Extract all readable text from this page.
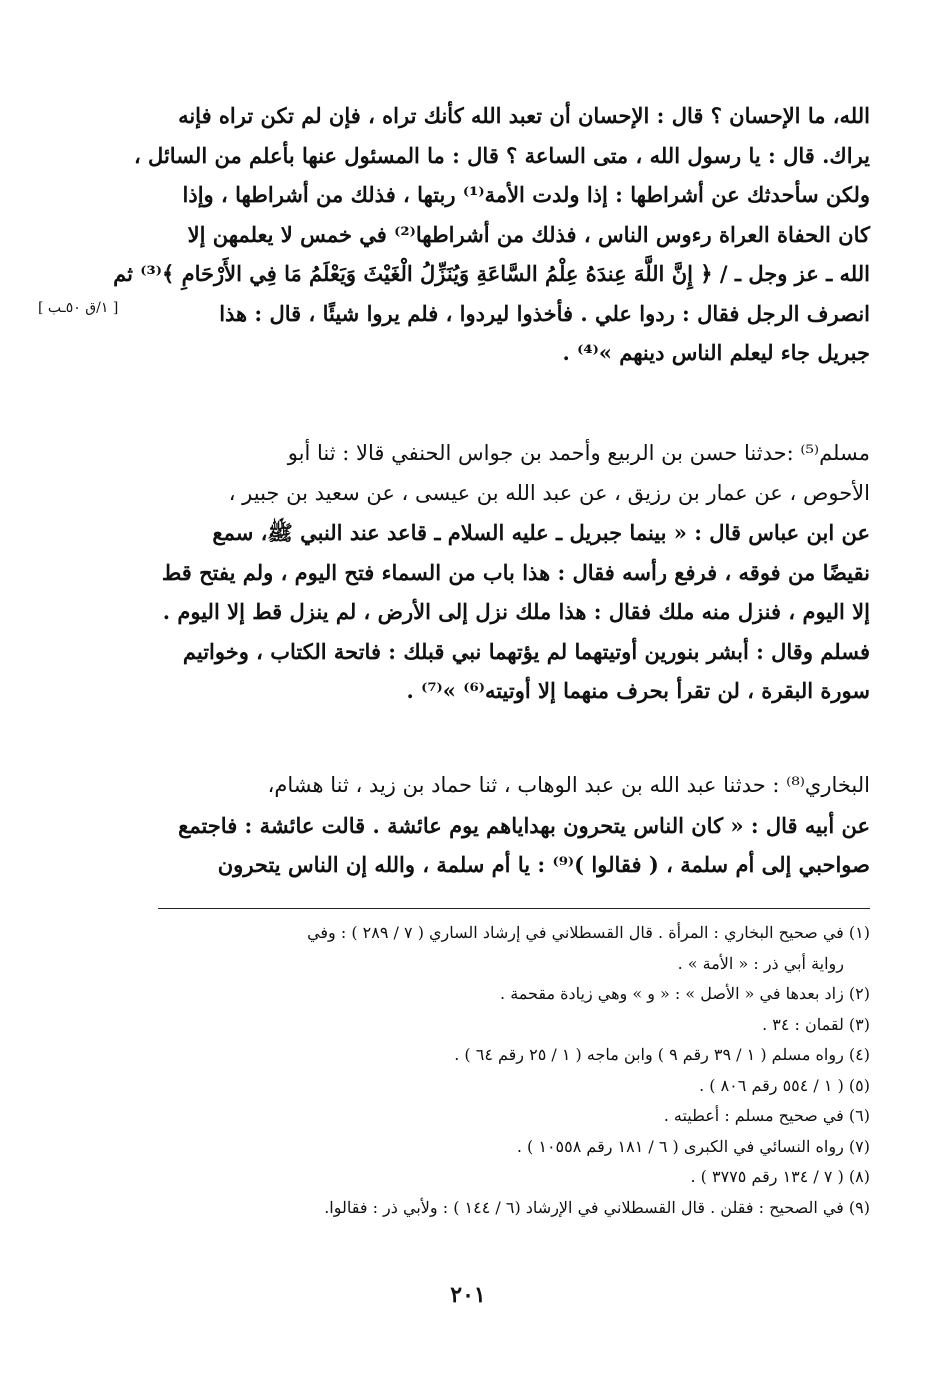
[ ١/ق ٥٠ـب ]
الله، ما الإحسان ؟ قال : الإحسان أن تعبد الله كأنك تراه ، فإن لم تكن تراه فإنه
يراك. قال : يا رسول الله ، متى الساعة ؟ قال : ما المسئول عنها بأعلم من السائل ،
ولكن سأحدثك عن أشراطها : إذا ولدت الأمة⁽¹⁾ ربتها ، فذلك من أشراطها ، وإذا
كان الحفاة العراة رءوس الناس ، فذلك من أشراطها⁽²⁾ في خمس لا يعلمهن إلا
الله ـ عز وجل ـ / ﴿ إِنَّ اللَّهَ عِندَهُ عِلْمُ السَّاعَةِ وَيُنَزِّلُ الْغَيْثَ وَيَعْلَمُ مَا فِي الأَرْحَامِ ﴾⁽³⁾ ثم
انصرف الرجل فقال : ردوا علي . فأخذوا ليردوا ، فلم يروا شيئًا ، قال : هذا
جبريل جاء ليعلم الناس دينهم »⁽⁴⁾ .
مسلم⁽⁵⁾ :حدثنا حسن بن الربيع وأحمد بن جواس الحنفي قالا : ثنا أبو
الأحوص ، عن عمار بن رزيق ، عن عبد الله بن عيسى ، عن سعيد بن جبير ،
عن ابن عباس قال : « بينما جبريل ـ عليه السلام ـ قاعد عند النبي ﷺ، سمع
نقيضًا من فوقه ، فرفع رأسه فقال : هذا باب من السماء فتح اليوم ، ولم يفتح قط
إلا اليوم ، فنزل منه ملك فقال : هذا ملك نزل إلى الأرض ، لم ينزل قط إلا اليوم .
فسلم وقال : أبشر بنورين أوتيتهما لم يؤتهما نبي قبلك : فاتحة الكتاب ، وخواتيم
سورة البقرة ، لن تقرأ بحرف منهما إلا أوتيته⁽⁶⁾ »⁽⁷⁾ .
البخاري⁽⁸⁾ : حدثنا عبد الله بن عبد الوهاب ، ثنا حماد بن زيد ، ثنا هشام،
عن أبيه قال : « كان الناس يتحرون بهداياهم يوم عائشة . قالت عائشة : فاجتمع
صواحبي إلى أم سلمة ، ( فقالوا )⁽⁹⁾ : يا أم سلمة ، والله إن الناس يتحرون
(١) في صحيح البخاري : المرأة . قال القسطلاني في إرشاد الساري ( ٧ / ٢٨٩ ) : وفي
رواية أبي ذر : « الأمة » .
(٢) زاد بعدها في « الأصل » : « و » وهي زيادة مقحمة .
(٣) لقمان : ٣٤ .
(٤) رواه مسلم ( ١ / ٣٩ رقم ٩ ) وابن ماجه ( ١ / ٢٥ رقم ٦٤ ) .
(٥) ( ١ / ٥٥٤ رقم ٨٠٦ ) .
(٦) في صحيح مسلم : أعطيته .
(٧) رواه النسائي في الكبرى ( ٦ / ١٨١ رقم ١٠٥٥٨ ) .
(٨) ( ٧ / ١٣٤ رقم ٣٧٧٥ ) .
(٩) في الصحيح : فقلن . قال القسطلاني في الإرشاد (٦ / ١٤٤ ) : ولأبي ذر : فقالوا.
٢٠١
